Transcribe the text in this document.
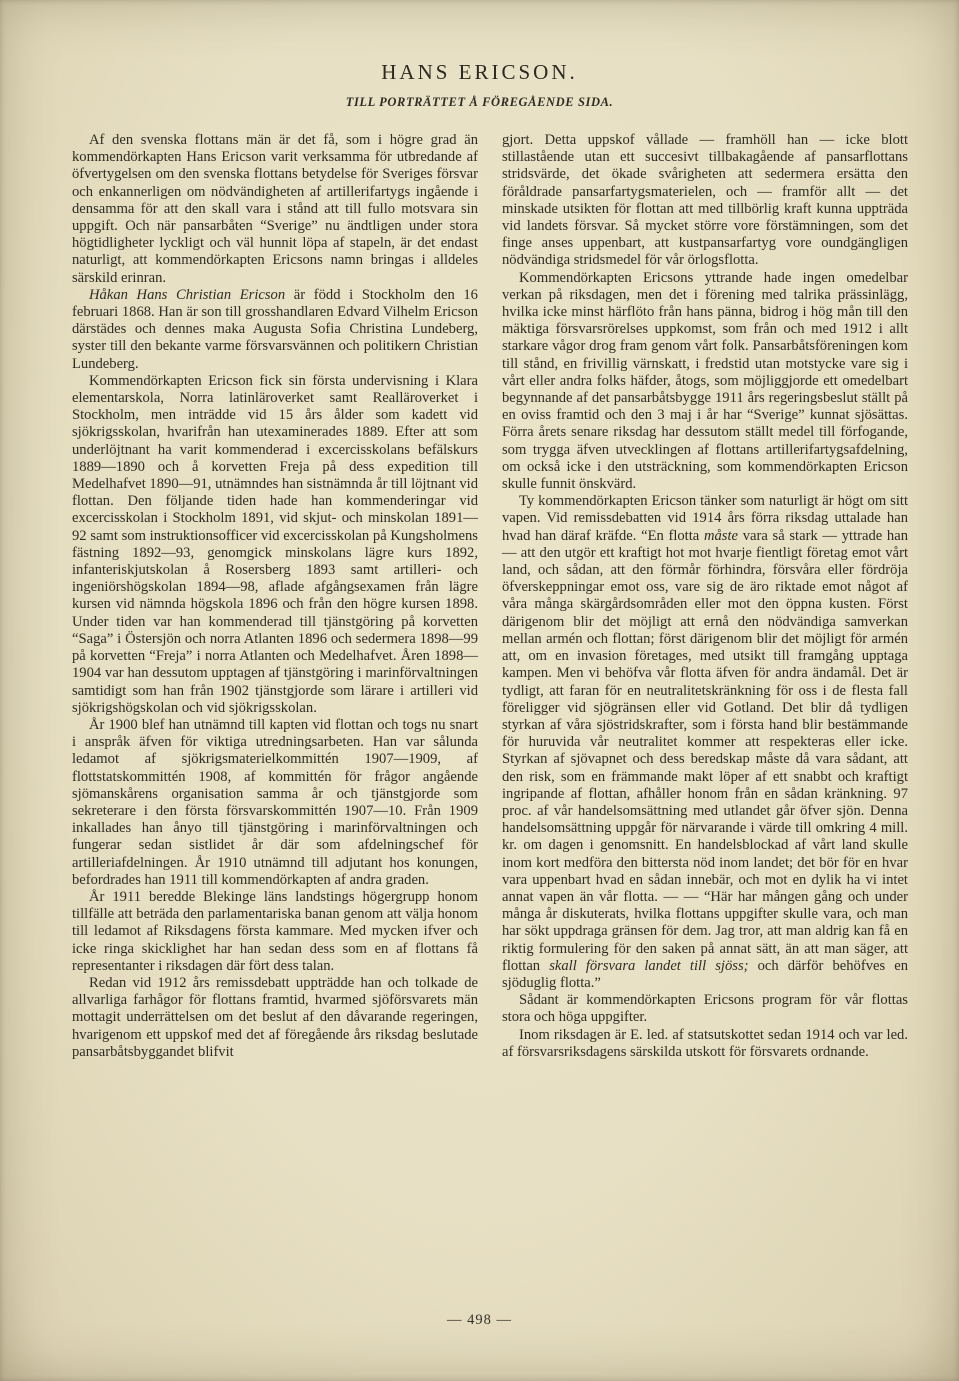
HANS ERICSON.
TILL PORTRÄTTET Å FÖREGÅENDE SIDA.

Af den svenska flottans män är det få, som i högre grad än kommendörkapten Hans Ericson varit verksamma för utbredande af öfvertygelsen om den svenska flottans betydelse för Sveriges försvar och enkannerligen om nödvändigheten af artillerifartygs ingående i densamma för att den skall vara i stånd att till fullo motsvara sin uppgift. Och när pansarbåten “Sverige” nu ändtligen under stora högtidligheter lyckligt och väl hunnit löpa af stapeln, är det endast naturligt, att kommendörkapten Ericsons namn bringas i alldeles särskild erinran.

Håkan Hans Christian Ericson är född i Stockholm den 16 februari 1868. Han är son till grosshandlaren Edvard Vilhelm Ericson därstädes och dennes maka Augusta Sofia Christina Lundeberg, syster till den bekante varme försvarsvännen och politikern Christian Lundeberg.

Kommendörkapten Ericson fick sin första undervisning i Klara elementarskola, Norra latinläroverket samt Realläroverket i Stockholm, men inträdde vid 15 års ålder som kadett vid sjökrigsskolan, hvarifrån han utexaminerades 1889. Efter att som underlöjtnant ha varit kommenderad i excercisskolans befälskurs 1889—1890 och å korvetten Freja på dess expedition till Medelhafvet 1890—91, utnämndes han sistnämnda år till löjtnant vid flottan. Den följande tiden hade han kommenderingar vid excercisskolan i Stockholm 1891, vid skjut- och minskolan 1891—92 samt som instruktionsofficer vid excercisskolan på Kungsholmens fästning 1892—93, genomgick minskolans lägre kurs 1892, infanteriskjutskolan å Rosersberg 1893 samt artilleri- och ingeniörshögskolan 1894—98, aflade afgångsexamen från lägre kursen vid nämnda högskola 1896 och från den högre kursen 1898. Under tiden var han kommenderad till tjänstgöring på korvetten “Saga” i Östersjön och norra Atlanten 1896 och sedermera 1898—99 på korvetten “Freja” i norra Atlanten och Medelhafvet. Åren 1898—1904 var han dessutom upptagen af tjänstgöring i marinförvaltningen samtidigt som han från 1902 tjänstgjorde som lärare i artilleri vid sjökrigshögskolan och vid sjökrigsskolan.

År 1900 blef han utnämnd till kapten vid flottan och togs nu snart i anspråk äfven för viktiga utredningsarbeten. Han var sålunda ledamot af sjökrigsmaterielkommittén 1907—1909, af flottstatskommittén 1908, af kommittén för frågor angående sjömanskårens organisation samma år och tjänstgjorde som sekreterare i den första försvarskommittén 1907—10. Från 1909 inkallades han ånyo till tjänstgöring i marinförvaltningen och fungerar sedan sistlidet år där som afdelningschef för artilleriafdelningen. År 1910 utnämnd till adjutant hos konungen, befordrades han 1911 till kommendörkapten af andra graden.

År 1911 beredde Blekinge läns landstings högergrupp honom tillfälle att beträda den parlamentariska banan genom att välja honom till ledamot af Riksdagens första kammare. Med mycken ifver och icke ringa skicklighet har han sedan dess som en af flottans få representanter i riksdagen där fört dess talan.

Redan vid 1912 års remissdebatt uppträdde han och tolkade de allvarliga farhågor för flottans framtid, hvarmed sjöförsvarets män mottagit underrättelsen om det beslut af den dåvarande regeringen, hvarigenom ett uppskof med det af föregående års riksdag beslutade pansarbåtsbyggandet blifvit

gjort. Detta uppskof vållade — framhöll han — icke blott stillastående utan ett succesivt tillbakagående af pansarflottans stridsvärde, det ökade svårigheten att sedermera ersätta den föråldrade pansarfartygsmaterielen, och — framför allt — det minskade utsikten för flottan att med tillbörlig kraft kunna uppträda vid landets försvar. Så mycket större vore förstämningen, som det finge anses uppenbart, att kustpansarfartyg vore oundgängligen nödvändiga stridsmedel för vår örlogsflotta.

Kommendörkapten Ericsons yttrande hade ingen omedelbar verkan på riksdagen, men det i förening med talrika prässinlägg, hvilka icke minst härflöto från hans pänna, bidrog i hög mån till den mäktiga försvarsrörelses uppkomst, som från och med 1912 i allt starkare vågor drog fram genom vårt folk. Pansarbåtsföreningen kom till stånd, en frivillig värnskatt, i fredstid utan motstycke vare sig i vårt eller andra folks häfder, åtogs, som möjliggjorde ett omedelbart begynnande af det pansarbåtsbygge 1911 års regeringsbeslut ställt på en oviss framtid och den 3 maj i år har “Sverige” kunnat sjösättas. Förra årets senare riksdag har dessutom ställt medel till förfogande, som trygga äfven utvecklingen af flottans artillerifartygsafdelning, om också icke i den utsträckning, som kommendörkapten Ericson skulle funnit önskvärd.

Ty kommendörkapten Ericson tänker som naturligt är högt om sitt vapen. Vid remissdebatten vid 1914 års förra riksdag uttalade han hvad han däraf kräfde. “En flotta måste vara så stark — yttrade han — att den utgör ett kraftigt hot mot hvarje fientligt företag emot vårt land, och sådan, att den förmår förhindra, försvåra eller fördröja öfverskeppningar emot oss, vare sig de äro riktade emot något af våra många skärgårdsområden eller mot den öppna kusten. Först därigenom blir det möjligt att ernå den nödvändiga samverkan mellan armén och flottan; först därigenom blir det möjligt för armén att, om en invasion företages, med utsikt till framgång upptaga kampen. Men vi behöfva vår flotta äfven för andra ändamål. Det är tydligt, att faran för en neutralitetskränkning för oss i de flesta fall föreligger vid sjögränsen eller vid Gotland. Det blir då tydligen styrkan af våra sjöstridskrafter, som i första hand blir bestämmande för huruvida vår neutralitet kommer att respekteras eller icke. Styrkan af sjövapnet och dess beredskap måste då vara sådant, att den risk, som en främmande makt löper af ett snabbt och kraftigt ingripande af flottan, afhåller honom från en sådan kränkning. 97 proc. af vår handelsomsättning med utlandet går öfver sjön. Denna handelsomsättning uppgår för närvarande i värde till omkring 4 mill. kr. om dagen i genomsnitt. En handelsblockad af vårt land skulle inom kort medföra den bittersta nöd inom landet; det bör för en hvar vara uppenbart hvad en sådan innebär, och mot en dylik ha vi intet annat vapen än vår flotta. — — “Här har mången gång och under många år diskuterats, hvilka flottans uppgifter skulle vara, och man har sökt uppdraga gränsen för dem. Jag tror, att man aldrig kan få en riktig formulering för den saken på annat sätt, än att man säger, att flottan skall försvara landet till sjöss; och därför behöfves en sjöduglig flotta.”

Sådant är kommendörkapten Ericsons program för vår flottas stora och höga uppgifter.

Inom riksdagen är E. led. af statsutskottet sedan 1914 och var led. af försvarsriksdagens särskilda utskott för försvarets ordnande.

— 498 —
